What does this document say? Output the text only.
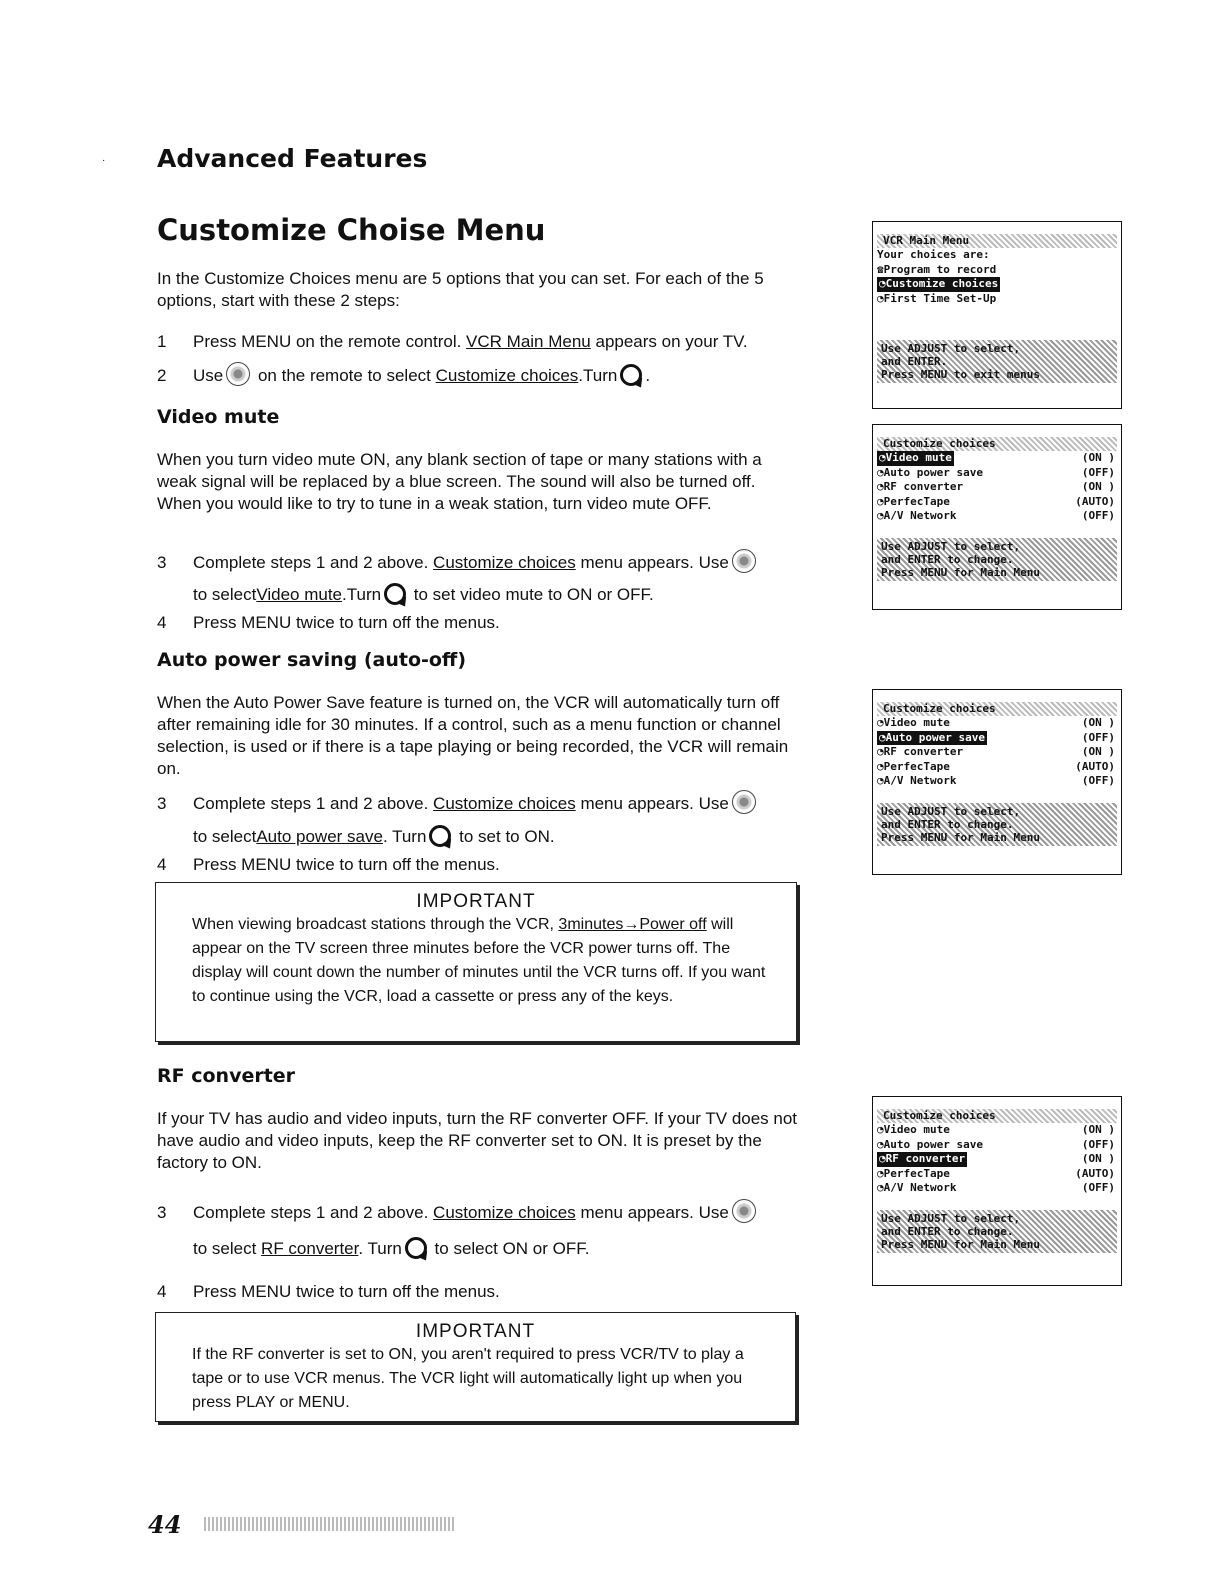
· Advanced Features
Customize Choise Menu
In the Customize Choices menu are 5 options that you can set. For each of the 5 options, start with these 2 steps:
1 Press MENU on the remote control. VCR Main Menu appears on your TV.
2 Use on the remote to select Customize choices.Turn .
Video mute
When you turn video mute ON, any blank section of tape or many stations with a weak signal will be replaced by a blue screen. The sound will also be turned off. When you would like to try to tune in a weak station, turn video mute OFF.
3 Complete steps 1 and 2 above. Customize choices menu appears. Use
to selectVideo mute.Turn to set video mute to ON or OFF.
4 Press MENU twice to turn off the menus.
Auto power saving (auto-off)
When the Auto Power Save feature is turned on, the VCR will automatically turn off after remaining idle for 30 minutes. If a control, such as a menu function or channel selection, is used or if there is a tape playing or being recorded, the VCR will remain on.
3 Complete steps 1 and 2 above. Customize choices menu appears. Use
to selectAuto power save. Turn to set to ON.
4 Press MENU twice to turn off the menus.
IMPORTANT
When viewing broadcast stations through the VCR, 3minutes→Power off will appear on the TV screen three minutes before the VCR power turns off. The display will count down the number of minutes until the VCR turns off. If you want to continue using the VCR, load a cassette or press any of the keys.
RF converter
If your TV has audio and video inputs, turn the RF converter OFF. If your TV does not have audio and video inputs, keep the RF converter set to ON. It is preset by the factory to ON.
3 Complete steps 1 and 2 above. Customize choices menu appears. Use
to select RF converter. Turn to select ON or OFF.
4 Press MENU twice to turn off the menus.
IMPORTANT
If the RF converter is set to ON, you aren't required to press VCR/TV to play a tape or to use VCR menus. The VCR light will automatically light up when you press PLAY or MENU.
VCR Main Menu
Your choices are:
☎Program to record
◔Customize choices
◔First Time Set-Up
Use ADJUST to select,
and ENTER.
Press MENU to exit menus
Customize choices
◔Video mute	(ON )
◔Auto power save	(OFF)
◔RF converter	(ON )
◔PerfecTape	(AUTO)
◔A/V Network	(OFF)
Use ADJUST to select,
and ENTER to change.
Press MENU for Main Menu
Customize choices
◔Video mute	(ON )
◔Auto power save	(OFF)
◔RF converter	(ON )
◔PerfecTape	(AUTO)
◔A/V Network	(OFF)
Use ADJUST to select,
and ENTER to change.
Press MENU for Main Menu
Customize choices
◔Video mute	(ON )
◔Auto power save	(OFF)
◔RF converter	(ON )
◔PerfecTape	(AUTO)
◔A/V Network	(OFF)
Use ADJUST to select,
and ENTER to change.
Press MENU for Main Menu
44
